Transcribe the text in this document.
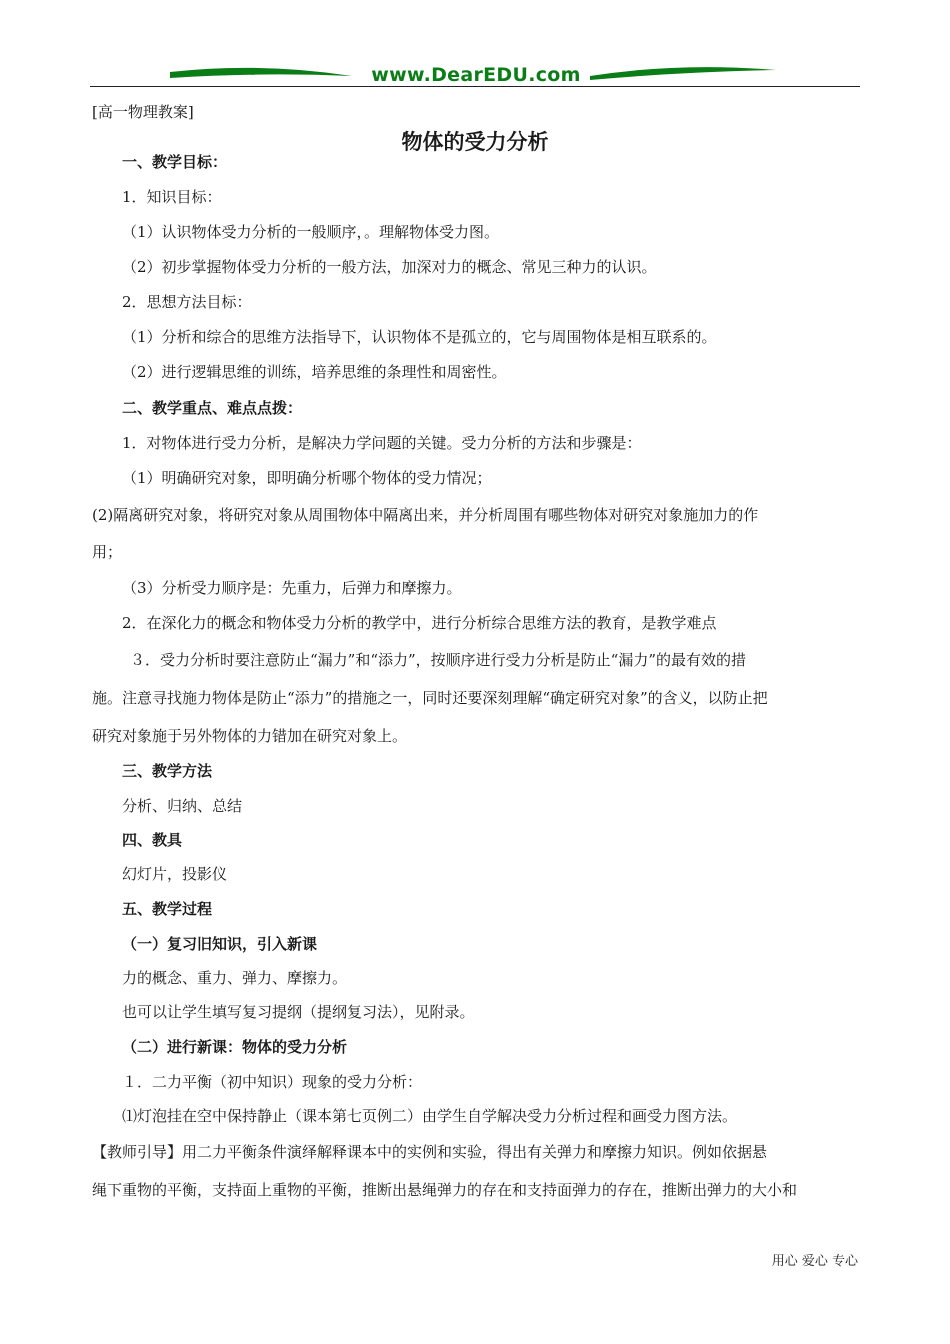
www.DearEDU.com
[高一物理教案]
物体的受力分析
一、教学目标：
1．知识目标：
（1）认识物体受力分析的一般顺序，。理解物体受力图。
（2）初步掌握物体受力分析的一般方法，加深对力的概念、常见三种力的认识。
2．思想方法目标：
（1）分析和综合的思维方法指导下，认识物体不是孤立的，它与周围物体是相互联系的。
（2）进行逻辑思维的训练，培养思维的条理性和周密性。
二、教学重点、难点点拨：
1．对物体进行受力分析，是解决力学问题的关键。受力分析的方法和步骤是：
（1）明确研究对象，即明确分析哪个物体的受力情况；
(2)隔离研究对象，将研究对象从周围物体中隔离出来，并分析周围有哪些物体对研究对象施加力的作
用；
（3）分析受力顺序是：先重力，后弹力和摩擦力。
2．在深化力的概念和物体受力分析的教学中，进行分析综合思维方法的教育，是教学难点
３．受力分析时要注意防止“漏力”和“添力”，按顺序进行受力分析是防止“漏力”的最有效的措
施。注意寻找施力物体是防止“添力”的措施之一，同时还要深刻理解“确定研究对象”的含义，以防止把
研究对象施于另外物体的力错加在研究对象上。
三、教学方法
分析、归纳、总结
四、教具
幻灯片，投影仪
五、教学过程
（一）复习旧知识，引入新课
力的概念、重力、弹力、摩擦力。
也可以让学生填写复习提纲（提纲复习法），见附录。
（二）进行新课：物体的受力分析
１．二力平衡（初中知识）现象的受力分析：
⑴灯泡挂在空中保持静止（课本第七页例二）由学生自学解决受力分析过程和画受力图方法。
【教师引导】用二力平衡条件演绎解释课本中的实例和实验，得出有关弹力和摩擦力知识。例如依据悬
绳下重物的平衡，支持面上重物的平衡，推断出悬绳弹力的存在和支持面弹力的存在，推断出弹力的大小和
用心 爱心 专心
